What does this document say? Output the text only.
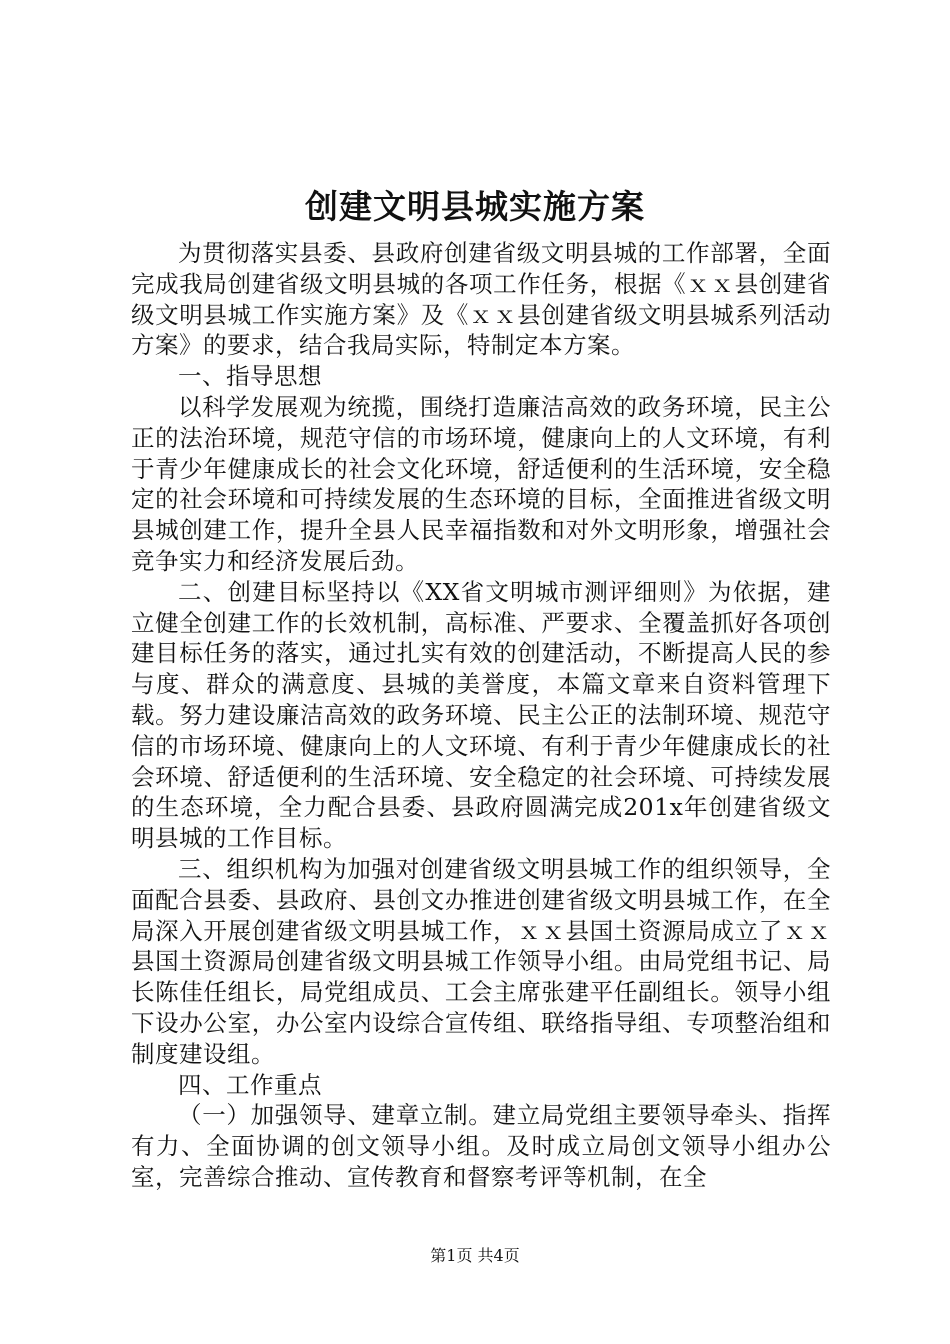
创建文明县城实施方案

为贯彻落实县委、县政府创建省级文明县城的工作部署，全面完成我局创建省级文明县城的各项工作任务，根据《ｘｘ县创建省级文明县城工作实施方案》及《ｘｘ县创建省级文明县城系列活动方案》的要求，结合我局实际，特制定本方案。

一、指导思想

以科学发展观为统揽，围绕打造廉洁高效的政务环境，民主公正的法治环境，规范守信的市场环境，健康向上的人文环境，有利于青少年健康成长的社会文化环境，舒适便利的生活环境，安全稳定的社会环境和可持续发展的生态环境的目标，全面推进省级文明县城创建工作，提升全县人民幸福指数和对外文明形象，增强社会竞争实力和经济发展后劲。

二、创建目标坚持以《XX省文明城市测评细则》为依据，建立健全创建工作的长效机制，高标准、严要求、全覆盖抓好各项创建目标任务的落实，通过扎实有效的创建活动，不断提高人民的参与度、群众的满意度、县城的美誉度，本篇文章来自资料管理下载。努力建设廉洁高效的政务环境、民主公正的法制环境、规范守信的市场环境、健康向上的人文环境、有利于青少年健康成长的社会环境、舒适便利的生活环境、安全稳定的社会环境、可持续发展的生态环境，全力配合县委、县政府圆满完成201x年创建省级文明县城的工作目标。

三、组织机构为加强对创建省级文明县城工作的组织领导，全面配合县委、县政府、县创文办推进创建省级文明县城工作，在全局深入开展创建省级文明县城工作，ｘｘ县国土资源局成立了ｘｘ县国土资源局创建省级文明县城工作领导小组。由局党组书记、局长陈佳任组长，局党组成员、工会主席张建平任副组长。领导小组下设办公室，办公室内设综合宣传组、联络指导组、专项整治组和制度建设组。

四、工作重点

（一）加强领导、建章立制。建立局党组主要领导牵头、指挥有力、全面协调的创文领导小组。及时成立局创文领导小组办公室，完善综合推动、宣传教育和督察考评等机制，在全

第1页 共4页
